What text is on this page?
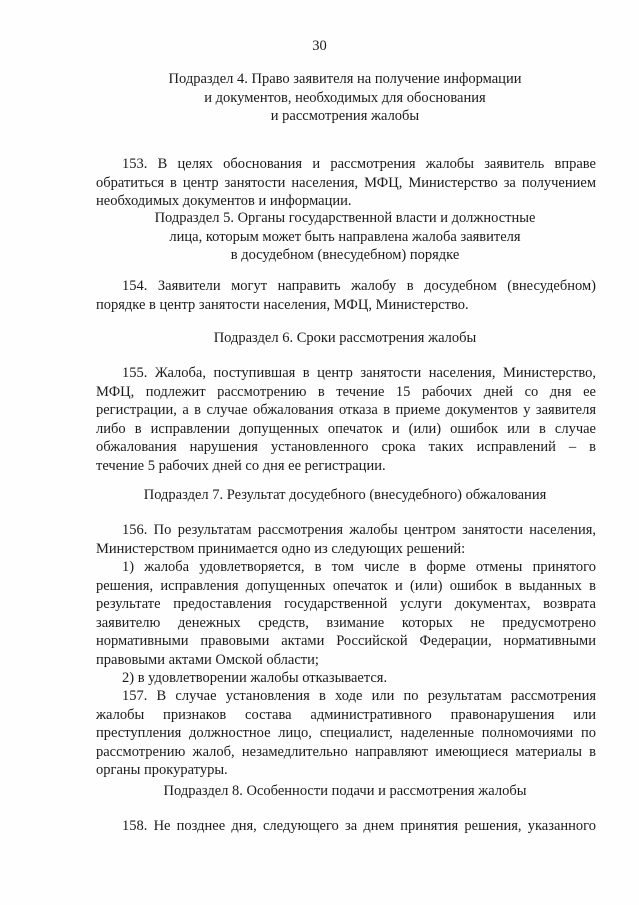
30
Подраздел 4. Право заявителя на получение информации
и документов, необходимых для обоснования
и рассмотрения жалобы
153. В целях обоснования и рассмотрения жалобы заявитель вправе
обратиться в центр занятости населения, МФЦ, Министерство за получением
необходимых документов и информации.
Подраздел 5. Органы государственной власти и должностные
лица, которым может быть направлена жалоба заявителя
в досудебном (внесудебном) порядке
154. Заявители могут направить жалобу в досудебном (внесудебном)
порядке в центр занятости населения, МФЦ, Министерство.
Подраздел 6. Сроки рассмотрения жалобы
155. Жалоба, поступившая в центр занятости населения, Министерство,
МФЦ, подлежит рассмотрению в течение 15 рабочих дней со дня ее
регистрации, а в случае обжалования отказа в приеме документов у заявителя
либо в исправлении допущенных опечаток и (или) ошибок или в случае
обжалования нарушения установленного срока таких исправлений – в
течение 5 рабочих дней со дня ее регистрации.
Подраздел 7. Результат досудебного (внесудебного) обжалования
156. По результатам рассмотрения жалобы центром занятости населения,
Министерством принимается одно из следующих решений:
1) жалоба удовлетворяется, в том числе в форме отмены принятого
решения, исправления допущенных опечаток и (или) ошибок в выданных в
результате предоставления государственной услуги документах, возврата
заявителю денежных средств, взимание которых не предусмотрено
нормативными правовыми актами Российской Федерации, нормативными
правовыми актами Омской области;
2) в удовлетворении жалобы отказывается.
157. В случае установления в ходе или по результатам рассмотрения
жалобы признаков состава административного правонарушения или
преступления должностное лицо, специалист, наделенные полномочиями по
рассмотрению жалоб, незамедлительно направляют имеющиеся материалы в
органы прокуратуры.
Подраздел 8. Особенности подачи и рассмотрения жалобы
158. Не позднее дня, следующего за днем принятия решения, указанного
